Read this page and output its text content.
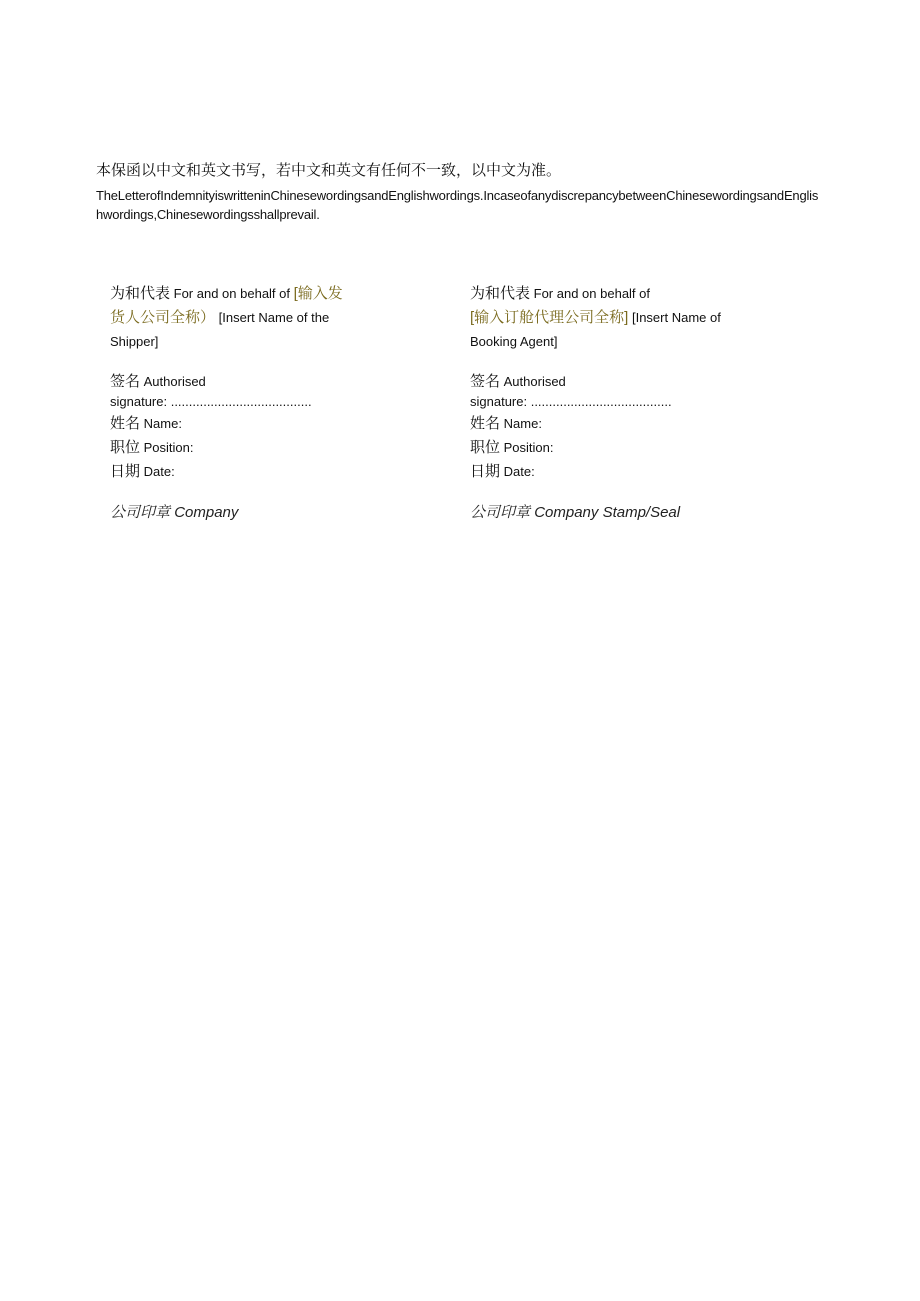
本保函以中文和英文书写，若中文和英文有任何不一致，以中文为准。
TheLetterofIndemnityiswritteninChinesewordingsandEnglishwordings.IncaseofanydiscrepancybetweenChinesewordingsandEnglishwordings,Chinesewordingsshallprevail.
为和代表 For and on behalf of [输入发货人公司全称） [Insert Name of the Shipper]
签名 Authorised
signature: .......................................
姓名 Name:
职位 Position:
日期 Date:
公司印章 Company
为和代表 For and on behalf of
[输入订舱代理公司全称] [Insert Name of Booking Agent]
签名 Authorised
signature: .......................................
姓名 Name:
职位 Position:
日期 Date:
公司印章 Company Stamp/Seal
